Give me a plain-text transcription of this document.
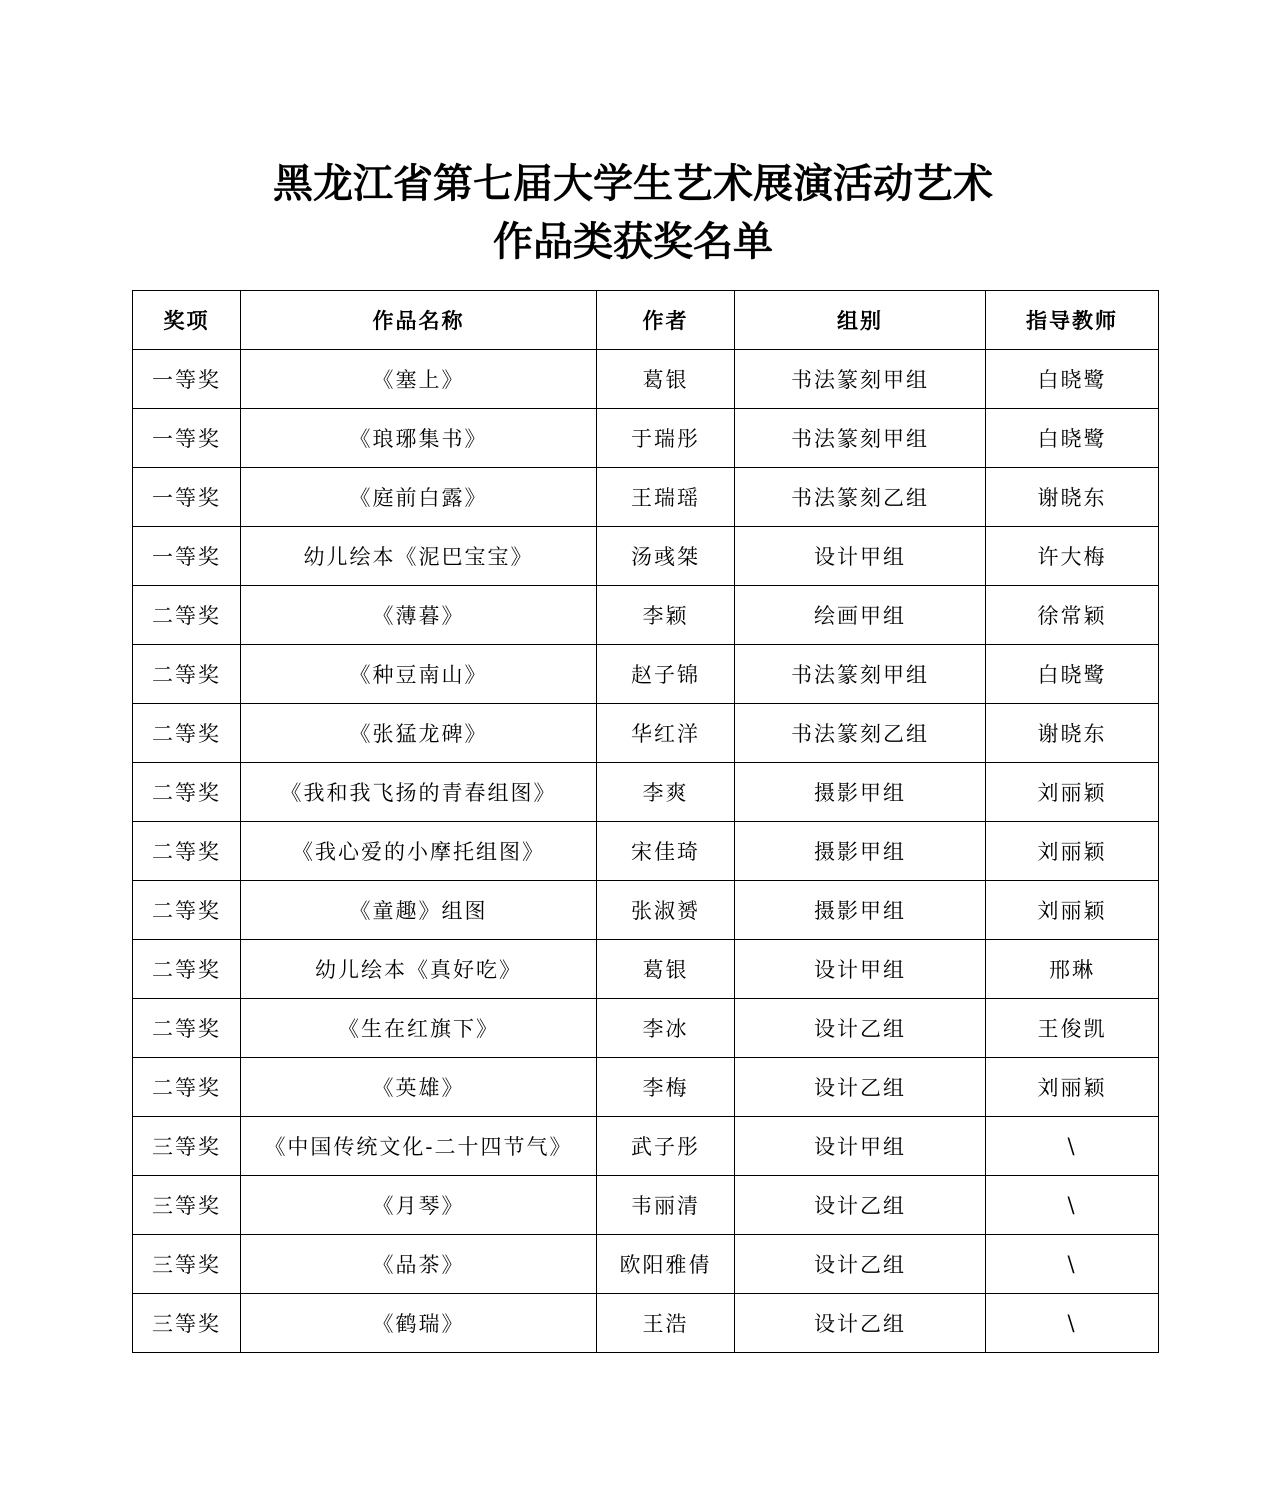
黑龙江省第七届大学生艺术展演活动艺术
作品类获奖名单
奖项	作品名称	作者	组别	指导教师
一等奖	《塞上》	葛银	书法篆刻甲组	白晓鹭
一等奖	《琅琊集书》	于瑞彤	书法篆刻甲组	白晓鹭
一等奖	《庭前白露》	王瑞瑶	书法篆刻乙组	谢晓东
一等奖	幼儿绘本《泥巴宝宝》	汤彧桀	设计甲组	许大梅
二等奖	《薄暮》	李颖	绘画甲组	徐常颖
二等奖	《种豆南山》	赵子锦	书法篆刻甲组	白晓鹭
二等奖	《张猛龙碑》	华红洋	书法篆刻乙组	谢晓东
二等奖	《我和我飞扬的青春组图》	李爽	摄影甲组	刘丽颖
二等奖	《我心爱的小摩托组图》	宋佳琦	摄影甲组	刘丽颖
二等奖	《童趣》组图	张淑赟	摄影甲组	刘丽颖
二等奖	幼儿绘本《真好吃》	葛银	设计甲组	邢琳
二等奖	《生在红旗下》	李冰	设计乙组	王俊凯
二等奖	《英雄》	李梅	设计乙组	刘丽颖
三等奖	《中国传统文化-二十四节气》	武子彤	设计甲组	\
三等奖	《月琴》	韦丽清	设计乙组	\
三等奖	《品茶》	欧阳雅倩	设计乙组	\
三等奖	《鹤瑞》	王浩	设计乙组	\
